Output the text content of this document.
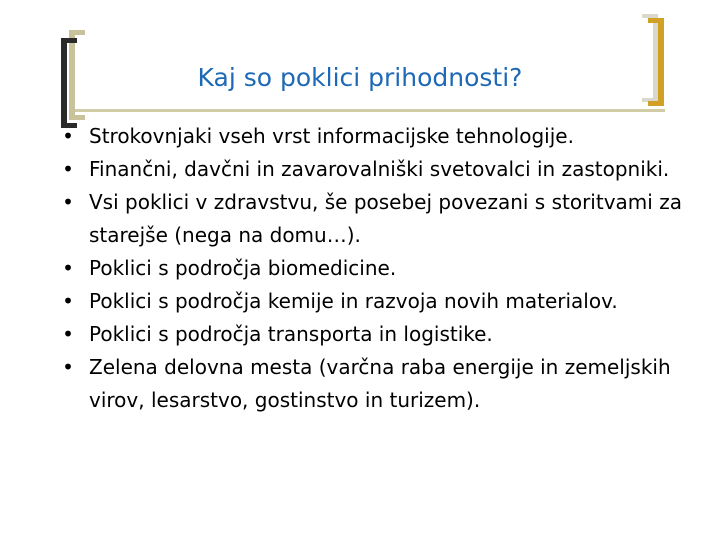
Kaj so poklici prihodnosti?
• Strokovnjaki vseh vrst informacijske tehnologije.
• Finančni, davčni in zavarovalniški svetovalci in zastopniki.
• Vsi poklici v zdravstvu, še posebej povezani s storitvami za starejše (nega na domu…).
• Poklici s področja biomedicine.
• Poklici s področja kemije in razvoja novih materialov.
• Poklici s področja transporta in logistike.
• Zelena delovna mesta (varčna raba energije in zemeljskih virov, lesarstvo, gostinstvo in turizem).
